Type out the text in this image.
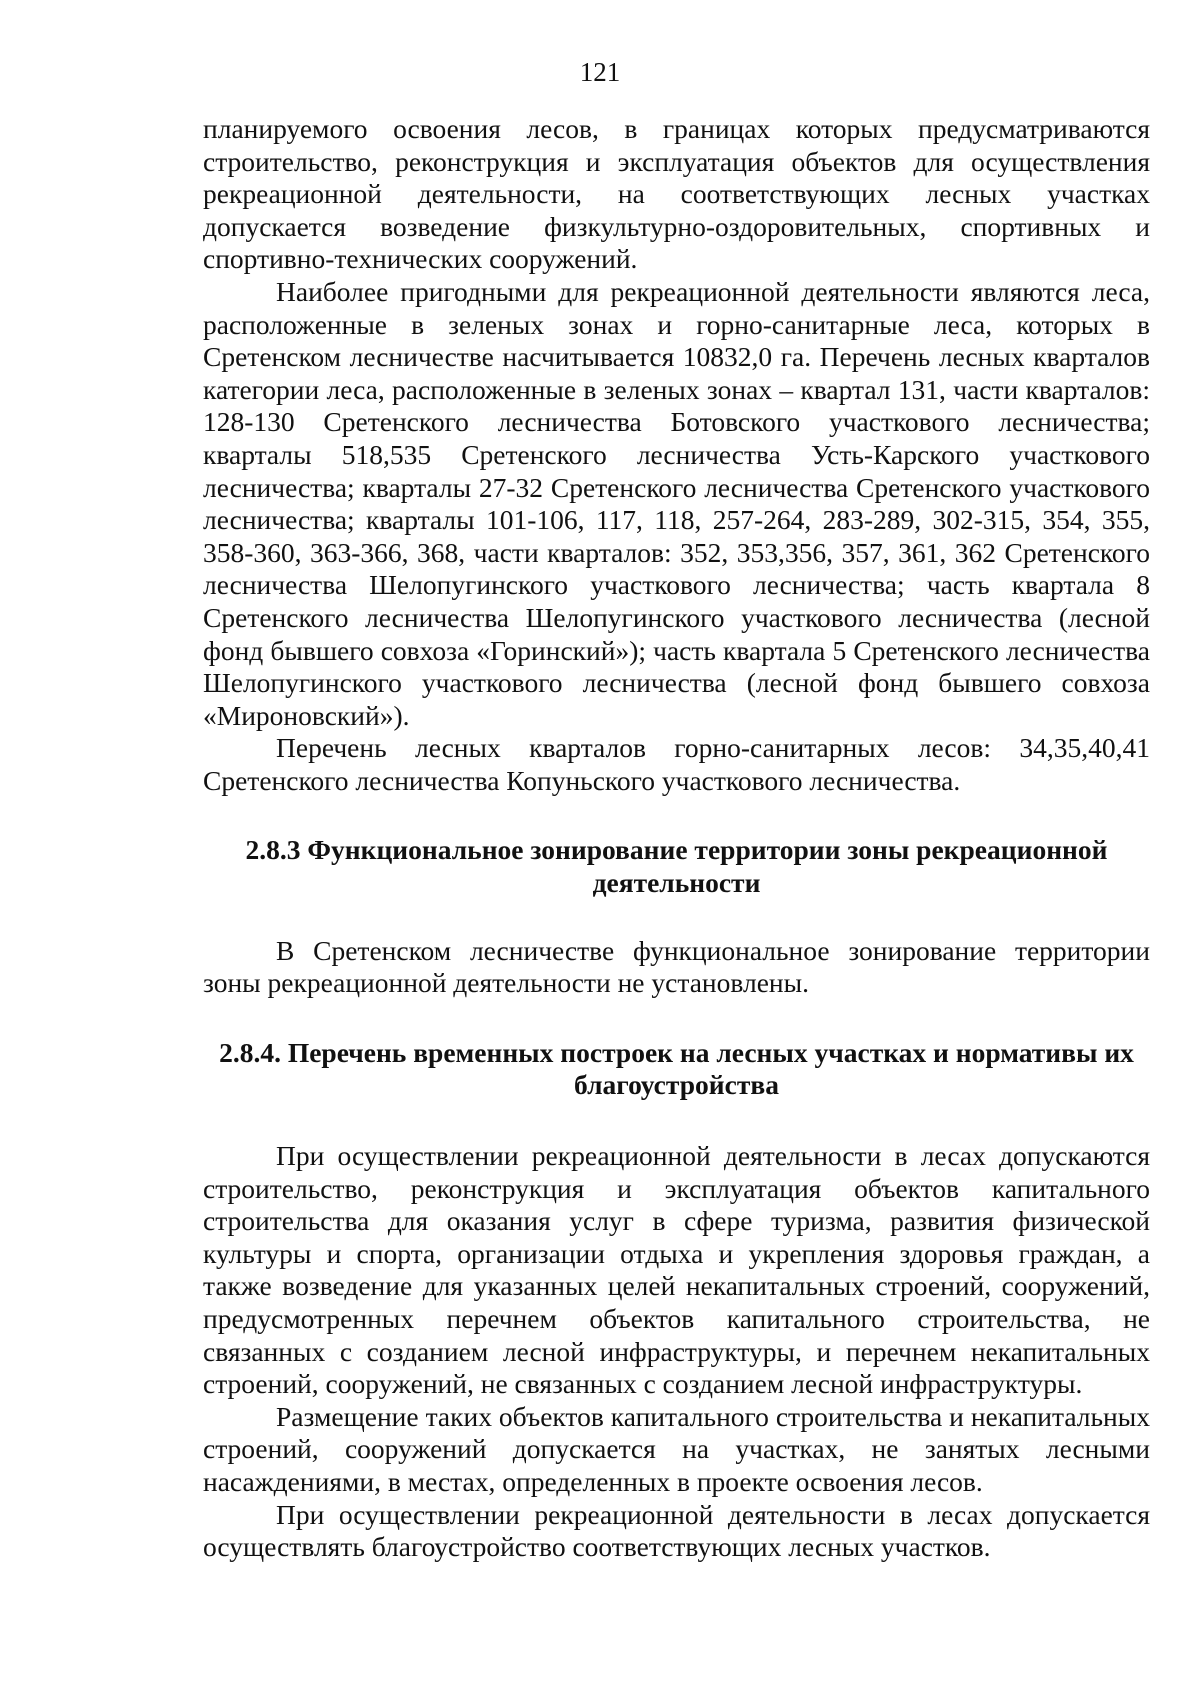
121

планируемого освоения лесов, в границах которых предусматриваются строительство, реконструкция и эксплуатация объектов для осуществления рекреационной деятельности, на соответствующих лесных участках допускается возведение физкультурно-оздоровительных, спортивных и спортивно-технических сооружений.

Наиболее пригодными для рекреационной деятельности являются леса, расположенные в зеленых зонах и горно-санитарные леса, которых в Сретенском лесничестве насчитывается 10832,0 га. Перечень лесных кварталов категории леса, расположенные в зеленых зонах – квартал 131, части кварталов: 128-130 Сретенского лесничества Ботовского участкового лесничества; кварталы 518,535 Сретенского лесничества Усть-Карского участкового лесничества; кварталы 27-32 Сретенского лесничества Сретенского участкового лесничества; кварталы 101-106, 117, 118, 257-264, 283-289, 302-315, 354, 355, 358-360, 363-366, 368, части кварталов: 352, 353,356, 357, 361, 362 Сретенского лесничества Шелопугинского участкового лесничества; часть квартала 8 Сретенского лесничества Шелопугинского участкового лесничества (лесной фонд бывшего совхоза «Горинский»); часть квартала 5 Сретенского лесничества Шелопугинского участкового лесничества (лесной фонд бывшего совхоза «Мироновский»).

Перечень лесных кварталов горно-санитарных лесов: 34,35,40,41 Сретенского лесничества Копуньского участкового лесничества.

2.8.3 Функциональное зонирование территории зоны рекреационной деятельности

В Сретенском лесничестве функциональное зонирование территории зоны рекреационной деятельности не установлены.

2.8.4. Перечень временных построек на лесных участках и нормативы их благоустройства

При осуществлении рекреационной деятельности в лесах допускаются строительство, реконструкция и эксплуатация объектов капитального строительства для оказания услуг в сфере туризма, развития физической культуры и спорта, организации отдыха и укрепления здоровья граждан, а также возведение для указанных целей некапитальных строений, сооружений, предусмотренных перечнем объектов капитального строительства, не связанных с созданием лесной инфраструктуры, и перечнем некапитальных строений, сооружений, не связанных с созданием лесной инфраструктуры.

Размещение таких объектов капитального строительства и некапитальных строений, сооружений допускается на участках, не занятых лесными насаждениями, в местах, определенных в проекте освоения лесов.

При осуществлении рекреационной деятельности в лесах допускается осуществлять благоустройство соответствующих лесных участков.
